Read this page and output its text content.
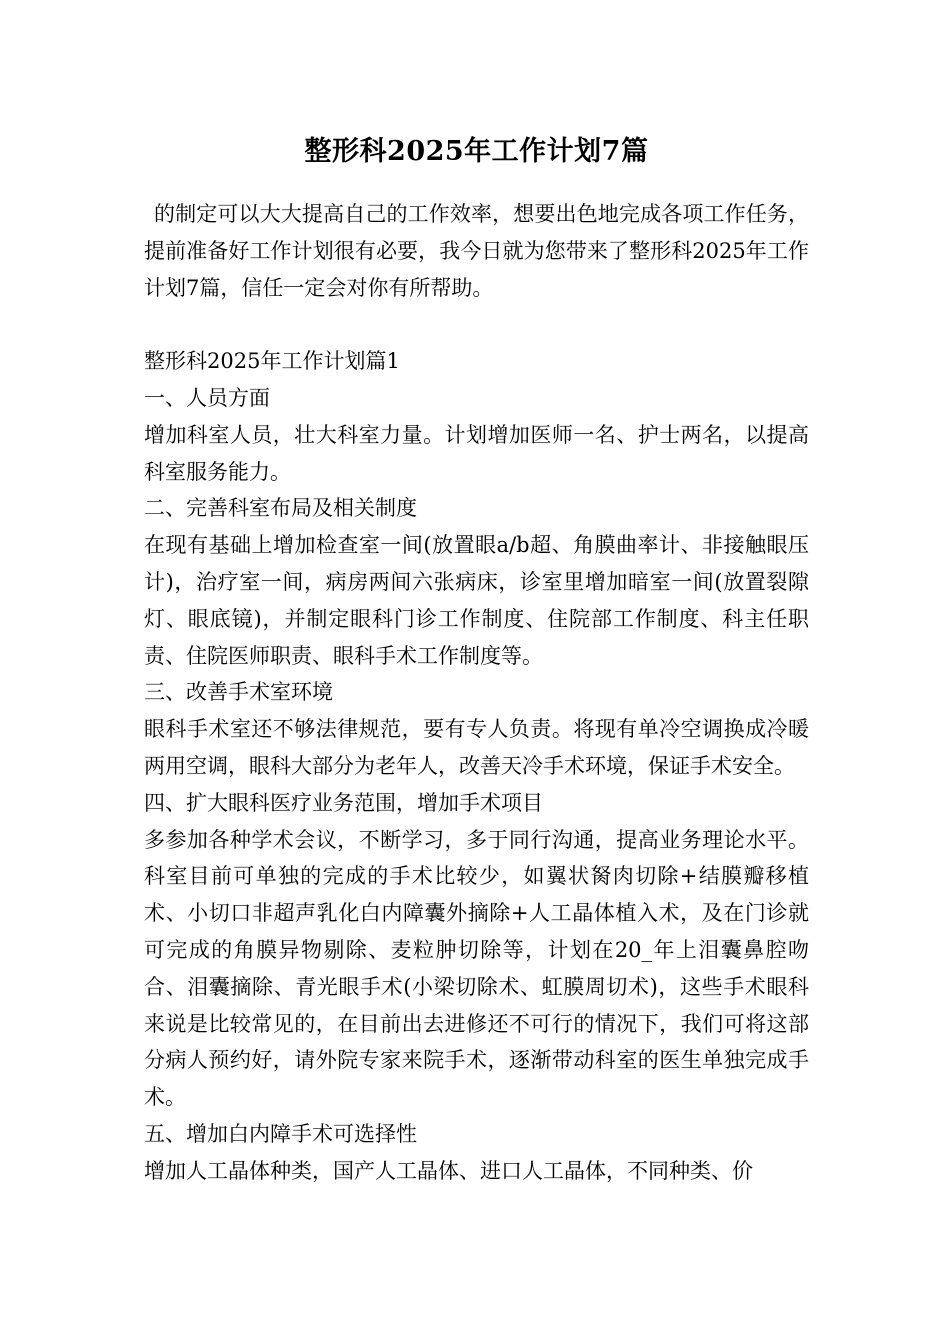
整形科2025年工作计划7篇

的制定可以大大提高自己的工作效率，想要出色地完成各项工作任务，提前准备好工作计划很有必要，我今日就为您带来了整形科2025年工作计划7篇，信任一定会对你有所帮助。

整形科2025年工作计划篇1

一、人员方面

增加科室人员，壮大科室力量。计划增加医师一名、护士两名，以提高科室服务能力。

二、完善科室布局及相关制度

在现有基础上增加检查室一间(放置眼a/b超、角膜曲率计、非接触眼压计)，治疗室一间，病房两间六张病床，诊室里增加暗室一间(放置裂隙灯、眼底镜)，并制定眼科门诊工作制度、住院部工作制度、科主任职责、住院医师职责、眼科手术工作制度等。

三、改善手术室环境

眼科手术室还不够法律规范，要有专人负责。将现有单冷空调换成冷暖两用空调，眼科大部分为老年人，改善天冷手术环境，保证手术安全。

四、扩大眼科医疗业务范围，增加手术项目

多参加各种学术会议，不断学习，多于同行沟通，提高业务理论水平。科室目前可单独的完成的手术比较少，如翼状胬肉切除+结膜瓣移植术、小切口非超声乳化白内障囊外摘除+人工晶体植入术，及在门诊就可完成的角膜异物剔除、麦粒肿切除等，计划在20_年上泪囊鼻腔吻合、泪囊摘除、青光眼手术(小梁切除术、虹膜周切术)，这些手术眼科来说是比较常见的，在目前出去进修还不可行的情况下，我们可将这部分病人预约好，请外院专家来院手术，逐渐带动科室的医生单独完成手术。

五、增加白内障手术可选择性

增加人工晶体种类，国产人工晶体、进口人工晶体，不同种类、价
